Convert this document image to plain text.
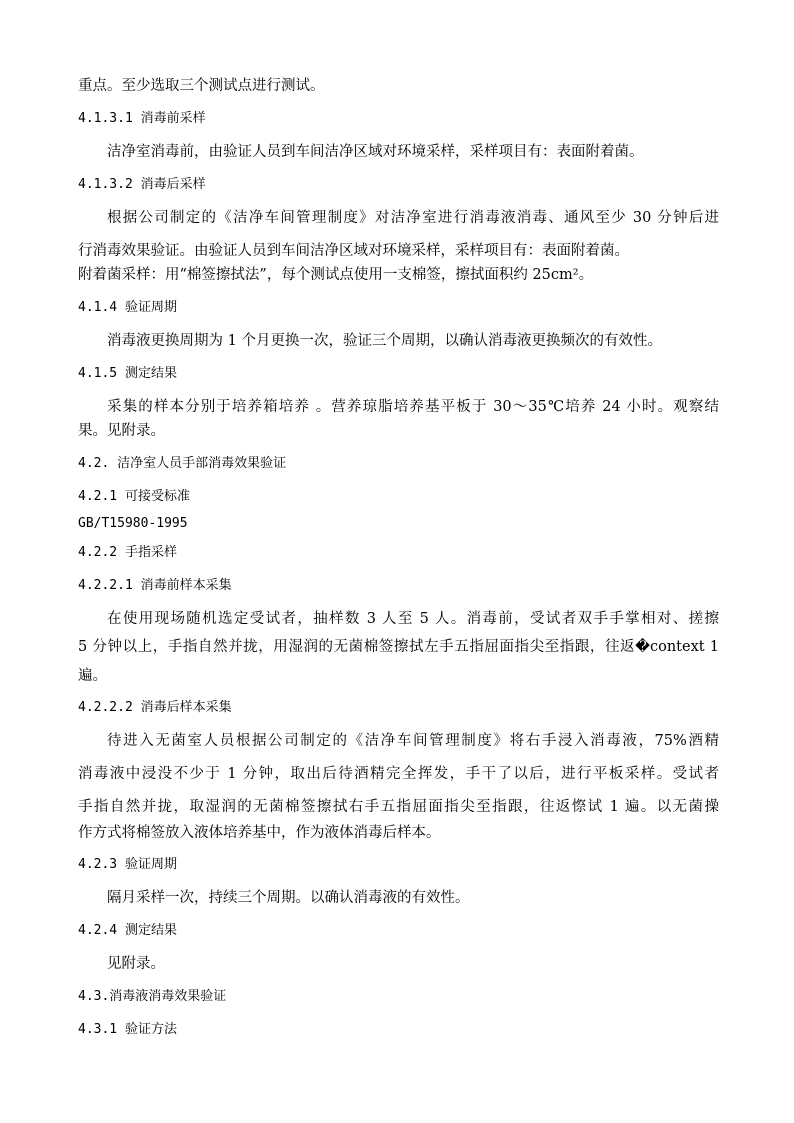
重点。至少选取三个测试点进行测试。
4.1.3.1 消毒前采样
洁净室消毒前，由验证人员到车间洁净区域对环境采样，采样项目有：表面附着菌。
4.1.3.2 消毒后采样
根据公司制定的《洁净车间管理制度》对洁净室进行消毒液消毒、通风至少 30 分钟后进
行消毒效果验证。由验证人员到车间洁净区域对环境采样，采样项目有：表面附着菌。
附着菌采样：用“棉签擦拭法”，每个测试点使用一支棉签，擦拭面积约 25cm²。
4.1.4 验证周期
消毒液更换周期为 1 个月更换一次，验证三个周期，以确认消毒液更换频次的有效性。
4.1.5 测定结果
采集的样本分别于培养箱培养 。营养琼脂培养基平板于 30～35℃培养 24 小时。观察结
果。见附录。
4.2. 洁净室人员手部消毒效果验证
4.2.1 可接受标准
GB/T15980-1995
4.2.2 手指采样
4.2.2.1 消毒前样本采集
在使用现场随机选定受试者，抽样数 3 人至 5 人。消毒前，受试者双手手掌相对、搓擦
5 分钟以上，手指自然并拢，用湿润的无菌棉签擦拭左手五指屈面指尖至指跟，往返�context 1
遍。
4.2.2.2 消毒后样本采集
待进入无菌室人员根据公司制定的《洁净车间管理制度》将右手浸入消毒液，75%酒精
消毒液中浸没不少于 1 分钟，取出后待酒精完全挥发，手干了以后，进行平板采样。受试者
手指自然并拢，取湿润的无菌棉签擦拭右手五指屈面指尖至指跟，往返憏试 1 遍。以无菌操
作方式将棉签放入液体培养基中，作为液体消毒后样本。
4.2.3 验证周期
隔月采样一次，持续三个周期。以确认消毒液的有效性。
4.2.4 测定结果
见附录。
4.3.消毒液消毒效果验证
4.3.1 验证方法
